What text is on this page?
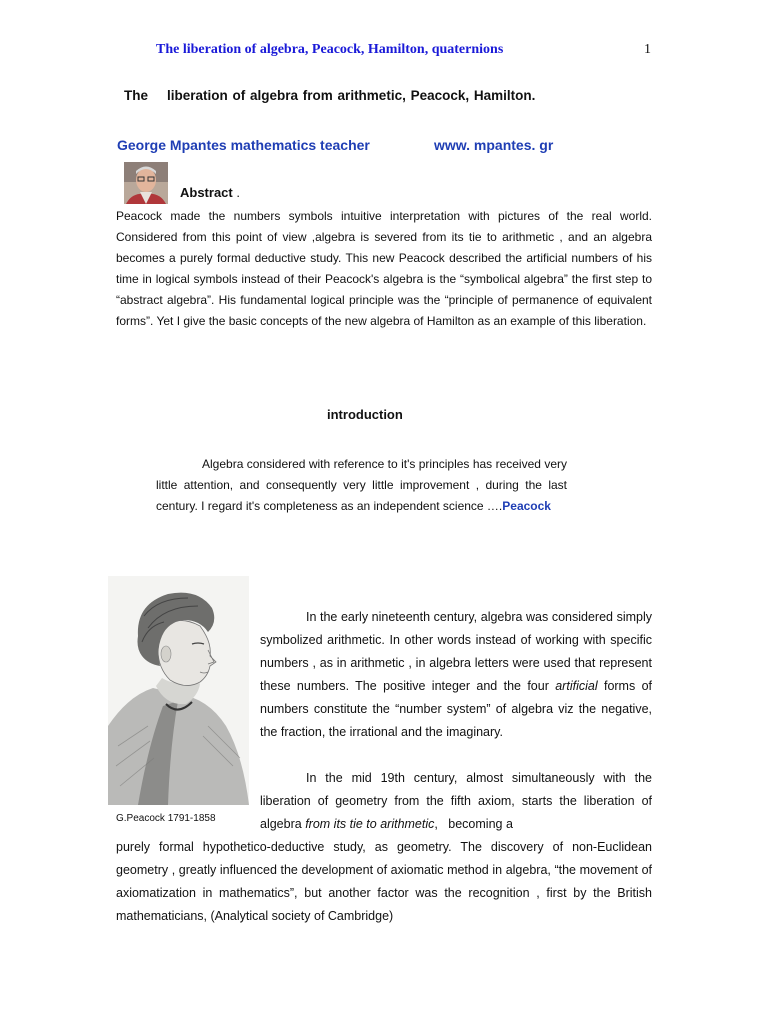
The liberation of algebra, Peacock, Hamilton, quaternions	1
The liberation of algebra from arithmetic, Peacock, Hamilton.
George Mpantes mathematics teacher	www. mpantes. gr
Abstract .
Peacock made the numbers symbols intuitive interpretation with pictures of the real world. Considered from this point of view ,algebra is severed from its tie to arithmetic , and an algebra becomes a purely formal deductive study. This new Peacock described the artificial numbers of his time in logical symbols instead of their Peacock's algebra is the “symbolical algebra” the first step to “abstract algebra”. His fundamental logical principle was the “principle of permanence of equivalent forms”. Yet I give the basic concepts of the new algebra of Hamilton as an example of this liberation.
introduction
Algebra considered with reference to it's principles has received very little attention, and consequently very little improvement , during the last century. I regard it's completeness as an independent science ….Peacock
G.Peacock 1791-1858
In the early nineteenth century, algebra was considered simply symbolized arithmetic. In other words instead of working with specific numbers , as in arithmetic , in algebra letters were used that represent these numbers. The positive integer and the four artificial forms of numbers constitute the “number system” of algebra viz the negative, the fraction, the irrational and the imaginary.
In the mid 19th century, almost simultaneously with the liberation of geometry from the fifth axiom, starts the liberation of algebra from its tie to arithmetic,   becoming a
purely formal hypothetico-deductive study, as geometry. The discovery of non-Euclidean geometry , greatly influenced the development of axiomatic method in algebra, “the movement of axiomatization in mathematics”, but another factor was the recognition , first by the British mathematicians, (Analytical society of Cambridge)
